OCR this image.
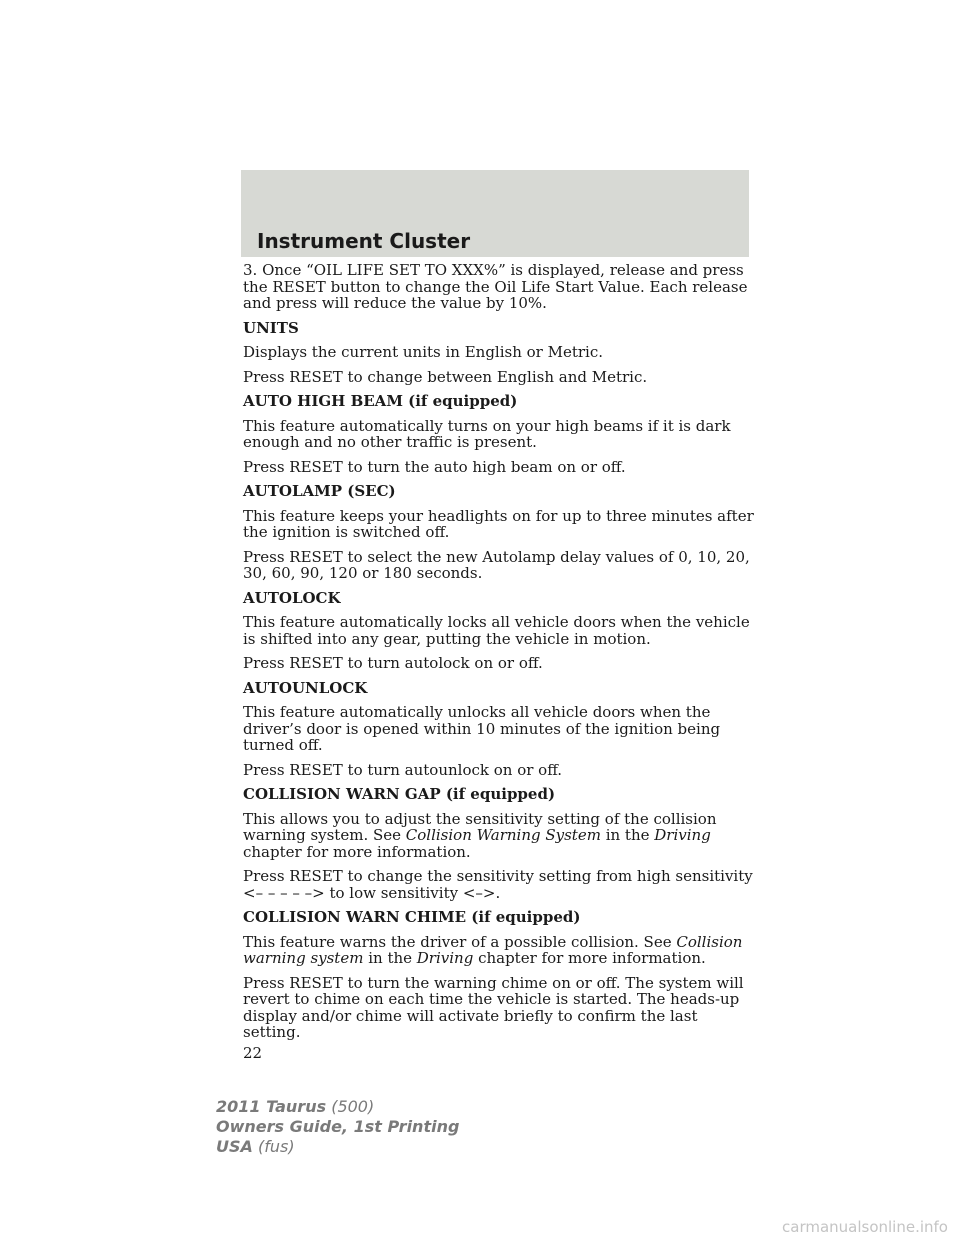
Instrument Cluster

3. Once “OIL LIFE SET TO XXX%” is displayed, release and press the RESET button to change the Oil Life Start Value. Each release and press will reduce the value by 10%.

UNITS

Displays the current units in English or Metric.

Press RESET to change between English and Metric.

AUTO HIGH BEAM (if equipped)

This feature automatically turns on your high beams if it is dark enough and no other traffic is present.

Press RESET to turn the auto high beam on or off.

AUTOLAMP (SEC)

This feature keeps your headlights on for up to three minutes after the ignition is switched off.

Press RESET to select the new Autolamp delay values of 0, 10, 20, 30, 60, 90, 120 or 180 seconds.

AUTOLOCK

This feature automatically locks all vehicle doors when the vehicle is shifted into any gear, putting the vehicle in motion.

Press RESET to turn autolock on or off.

AUTOUNLOCK

This feature automatically unlocks all vehicle doors when the driver’s door is opened within 10 minutes of the ignition being turned off.

Press RESET to turn autounlock on or off.

COLLISION WARN GAP (if equipped)

This allows you to adjust the sensitivity setting of the collision warning system. See Collision Warning System in the Driving chapter for more information.

Press RESET to change the sensitivity setting from high sensitivity <– – – – –> to low sensitivity <–>.

COLLISION WARN CHIME (if equipped)

This feature warns the driver of a possible collision. See Collision warning system in the Driving chapter for more information.

Press RESET to turn the warning chime on or off. The system will revert to chime on each time the vehicle is started. The heads-up display and/or chime will activate briefly to confirm the last setting.

22
2011 Taurus (500)
Owners Guide, 1st Printing
USA (fus)
carmanualsonline.info
